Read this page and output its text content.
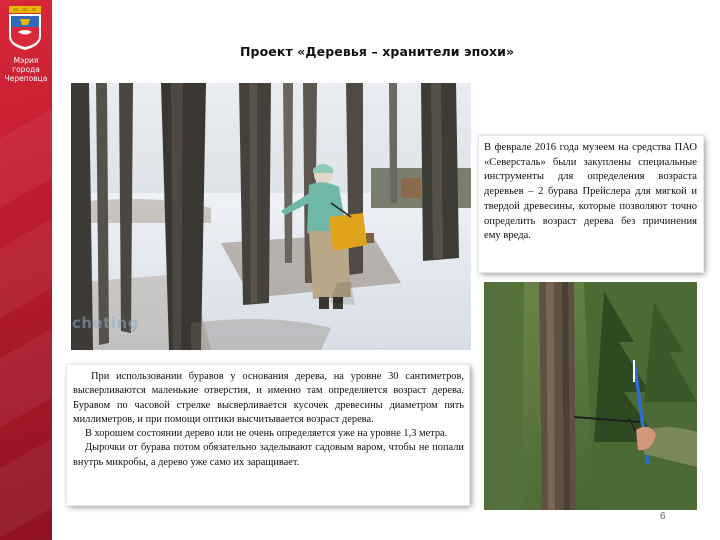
Мэрия
города
Череповца
Проект «Деревья – хранители эпохи»
cheting
В феврале 2016 года музеем на средства ПАО «Северсталь» были закуплены специальные инструменты для определения возраста деревьев – 2 бурава Прейслера для мягкой и твердой древесины, которые позволяют точно определить возраст дерева без причинения ему вреда.

При использовании буравов у основания дерева, на уровне 30 сантиметров, высверливаются маленькие отверстия, и именно там определяется возраст дерева. Буравом по часовой стрелке высверливается кусочек древесины диаметром пять миллиметров, и при помощи оптики высчитывается возраст дерева.

В хорошем состоянии дерево или не очень определяется уже на уровне 1,3 метра.

Дырочки от бурава потом обязательно заделывают садовым варом, чтобы не попали внутрь микробы, а дерево уже само их заращивает.

6
